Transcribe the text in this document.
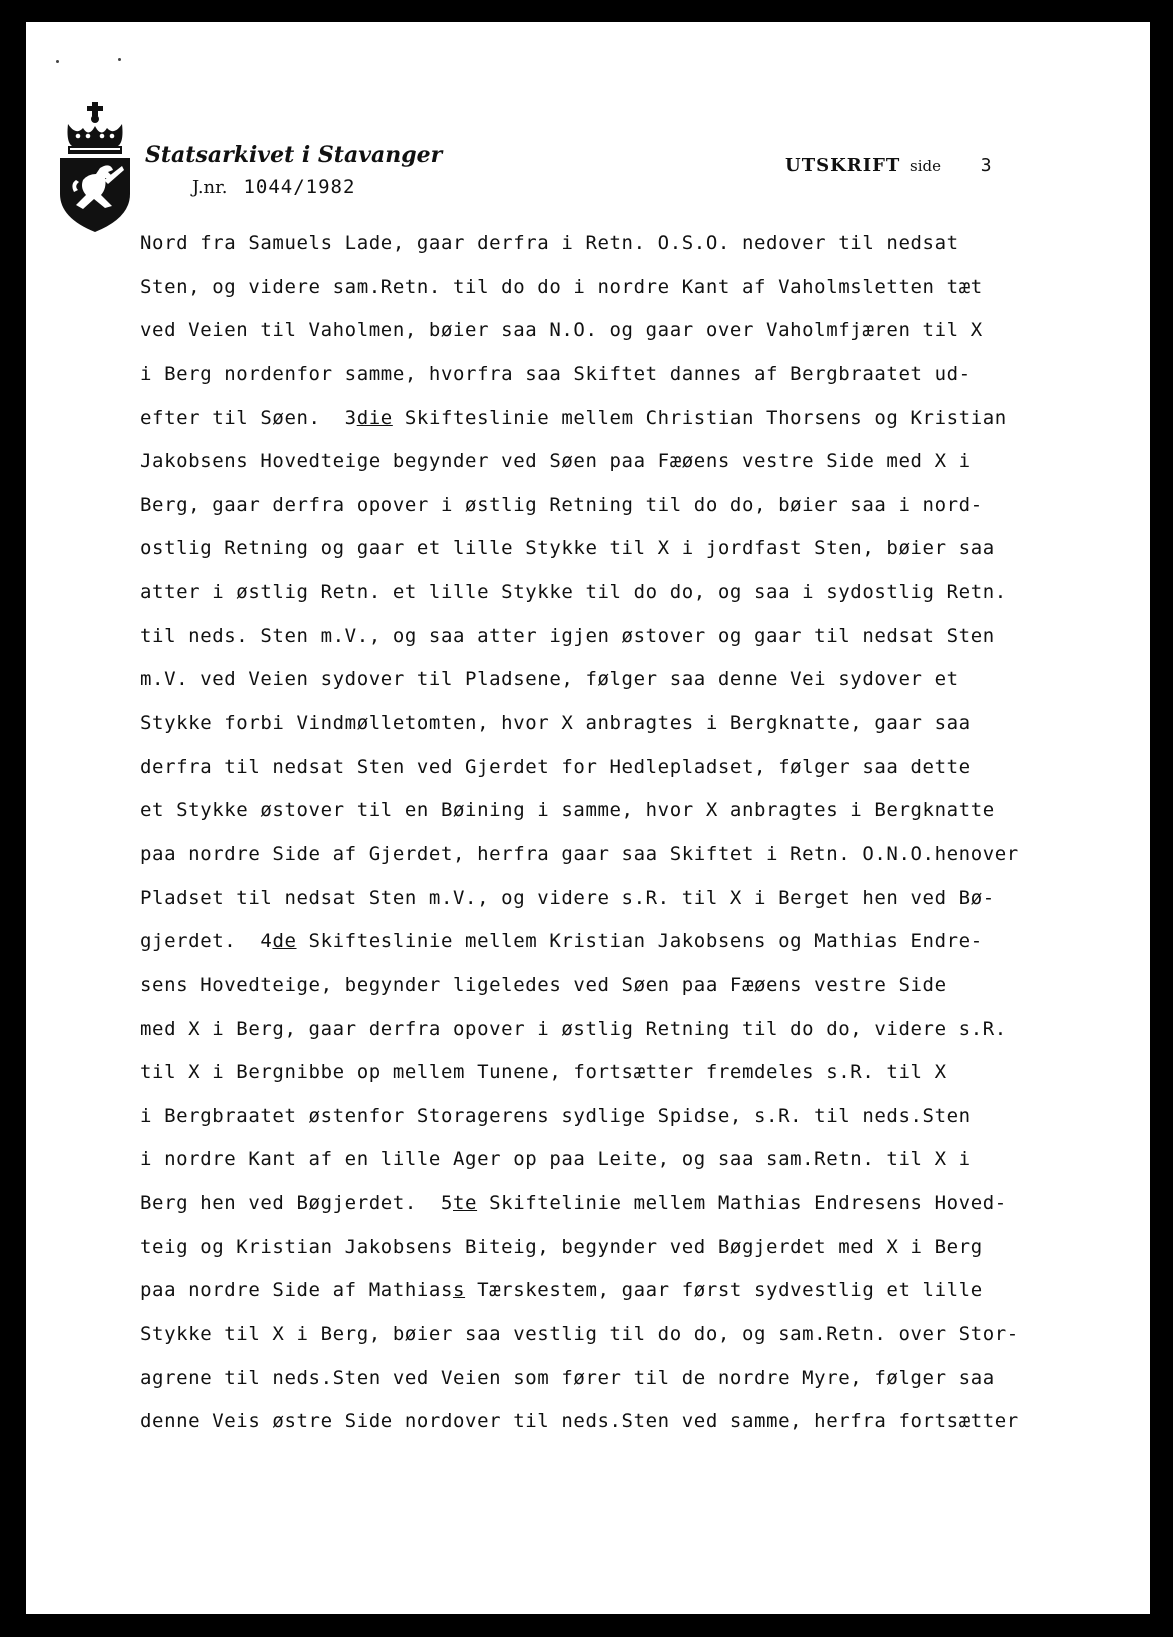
Statsarkivet i Stavanger

J.nr. 1044/1982
UTSKRIFT side 3
Nord fra Samuels Lade, gaar derfra i Retn. O.S.O. nedover til nedsat
Sten, og videre sam.Retn. til do do i nordre Kant af Vaholmsletten tæt
ved Veien til Vaholmen, bøier saa N.O. og gaar over Vaholmfjæren til X
i Berg nordenfor samme, hvorfra saa Skiftet dannes af Bergbraatet ud-
efter til Søen.  3die Skifteslinie mellem Christian Thorsens og Kristian
Jakobsens Hovedteige begynder ved Søen paa Fæøens vestre Side med X i
Berg, gaar derfra opover i østlig Retning til do do, bøier saa i nord-
ostlig Retning og gaar et lille Stykke til X i jordfast Sten, bøier saa
atter i østlig Retn. et lille Stykke til do do, og saa i sydostlig Retn.
til neds. Sten m.V., og saa atter igjen østover og gaar til nedsat Sten
m.V. ved Veien sydover til Pladsene, følger saa denne Vei sydover et
Stykke forbi Vindmølletomten, hvor X anbragtes i Bergknatte, gaar saa
derfra til nedsat Sten ved Gjerdet for Hedlepladset, følger saa dette
et Stykke østover til en Bøining i samme, hvor X anbragtes i Bergknatte
paa nordre Side af Gjerdet, herfra gaar saa Skiftet i Retn. O.N.O.henover
Pladset til nedsat Sten m.V., og videre s.R. til X i Berget hen ved Bø-
gjerdet.  4de Skifteslinie mellem Kristian Jakobsens og Mathias Endre-
sens Hovedteige, begynder ligeledes ved Søen paa Fæøens vestre Side
med X i Berg, gaar derfra opover i østlig Retning til do do, videre s.R.
til X i Bergnibbe op mellem Tunene, fortsætter fremdeles s.R. til X
i Bergbraatet østenfor Storagerens sydlige Spidse, s.R. til neds.Sten
i nordre Kant af en lille Ager op paa Leite, og saa sam.Retn. til X i
Berg hen ved Bøgjerdet.  5te Skiftelinie mellem Mathias Endresens Hoved-
teig og Kristian Jakobsens Biteig, begynder ved Bøgjerdet med X i Berg
paa nordre Side af Mathiass Tærskestem, gaar først sydvestlig et lille
Stykke til X i Berg, bøier saa vestlig til do do, og sam.Retn. over Stor-
agrene til neds.Sten ved Veien som fører til de nordre Myre, følger saa
denne Veis østre Side nordover til neds.Sten ved samme, herfra fortsætter
